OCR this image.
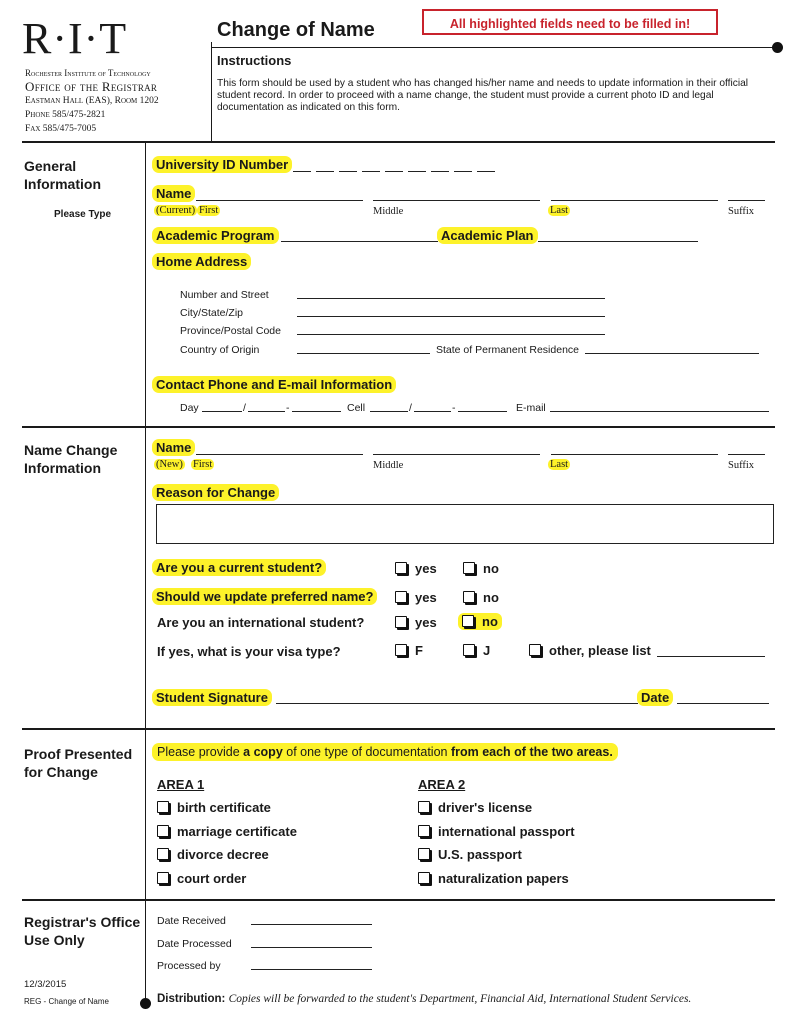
R·I·T
Rochester Institute of Technology
Office of the Registrar
Eastman Hall (EAS), Room 1202
Phone 585/475-2821
Fax 585/475-7005
Change of Name	All highlighted fields need to be filled in!
Instructions
This form should be used by a student who has changed his/her name and needs to update information in their official student record. In order to proceed with a name change, the student must provide a current photo ID and legal documentation as indicated on this form.
General Information
Please Type
University ID Number
Name
(Current) First	Middle	Last	Suffix
Academic Program	Academic Plan
Home Address
Number and Street
City/State/Zip
Province/Postal Code
Country of Origin	State of Permanent Residence
Contact Phone and E-mail Information
Day	/	-	Cell	/	-	E-mail
Name Change Information
Name
(New) First	Middle	Last	Suffix
Reason for Change
Are you a current student?	yes	no
Should we update preferred name?	yes	no
Are you an international student?	yes	no
If yes, what is your visa type?	F	J	other, please list
Student Signature	Date
Proof Presented for Change
Please provide a copy of one type of documentation from each of the two areas.
AREA 1
birth certificate
marriage certificate
divorce decree
court order
AREA 2
driver's license
international passport
U.S. passport
naturalization papers
Registrar's Office Use Only
Date Received
Date Processed
Processed by
12/3/2015
REG - Change of Name	Distribution: Copies will be forwarded to the student's Department, Financial Aid, International Student Services.
